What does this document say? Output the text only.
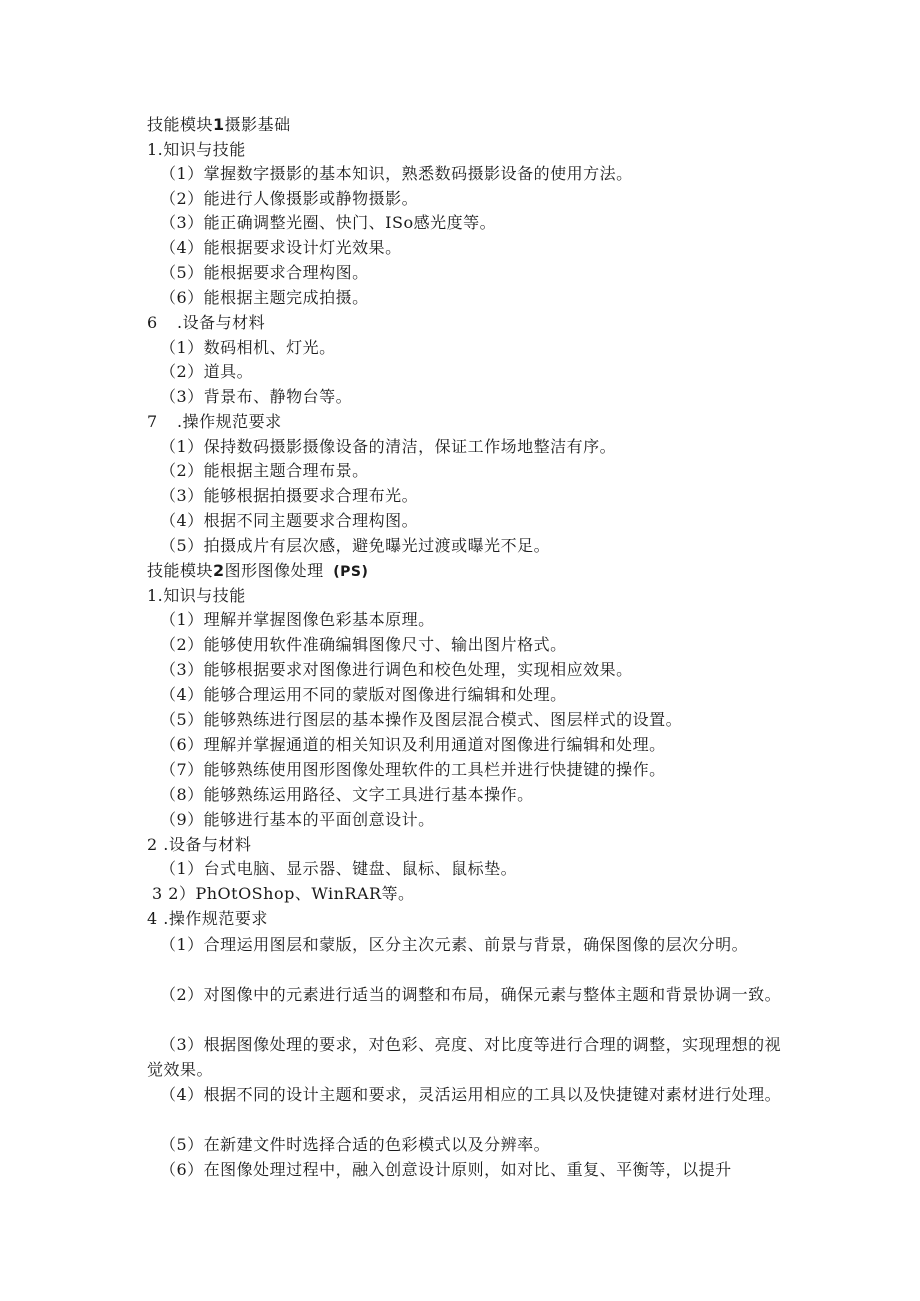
技能模块1摄影基础
1.知识与技能
（1）掌握数字摄影的基本知识，熟悉数码摄影设备的使用方法。
（2）能进行人像摄影或静物摄影。
（3）能正确调整光圈、快门、ISo感光度等。
（4）能根据要求设计灯光效果。
（5）能根据要求合理构图。
（6）能根据主题完成拍摄。
6 .设备与材料
（1）数码相机、灯光。
（2）道具。
（3）背景布、静物台等。
7 .操作规范要求
（1）保持数码摄影摄像设备的清洁，保证工作场地整洁有序。
（2）能根据主题合理布景。
（3）能够根据拍摄要求合理布光。
（4）根据不同主题要求合理构图。
（5）拍摄成片有层次感，避免曝光过渡或曝光不足。
技能模块2图形图像处理 (PS)
1.知识与技能
（1）理解并掌握图像色彩基本原理。
（2）能够使用软件准确编辑图像尺寸、输出图片格式。
（3）能够根据要求对图像进行调色和校色处理，实现相应效果。
（4）能够合理运用不同的蒙版对图像进行编辑和处理。
（5）能够熟练进行图层的基本操作及图层混合模式、图层样式的设置。
（6）理解并掌握通道的相关知识及利用通道对图像进行编辑和处理。
（7）能够熟练使用图形图像处理软件的工具栏并进行快捷键的操作。
（8）能够熟练运用路径、文字工具进行基本操作。
（9）能够进行基本的平面创意设计。
2 .设备与材料
（1）台式电脑、显示器、键盘、鼠标、鼠标垫。
3 2）PhOtOShop、WinRAR等。
4 .操作规范要求
（1）合理运用图层和蒙版，区分主次元素、前景与背景，确保图像的层次分明。
（2）对图像中的元素进行适当的调整和布局，确保元素与整体主题和背景协调一致。
（3）根据图像处理的要求，对色彩、亮度、对比度等进行合理的调整，实现理想的视觉效果。
（4）根据不同的设计主题和要求，灵活运用相应的工具以及快捷键对素材进行处理。
（5）在新建文件时选择合适的色彩模式以及分辨率。
（6）在图像处理过程中，融入创意设计原则，如对比、重复、平衡等，以提升
